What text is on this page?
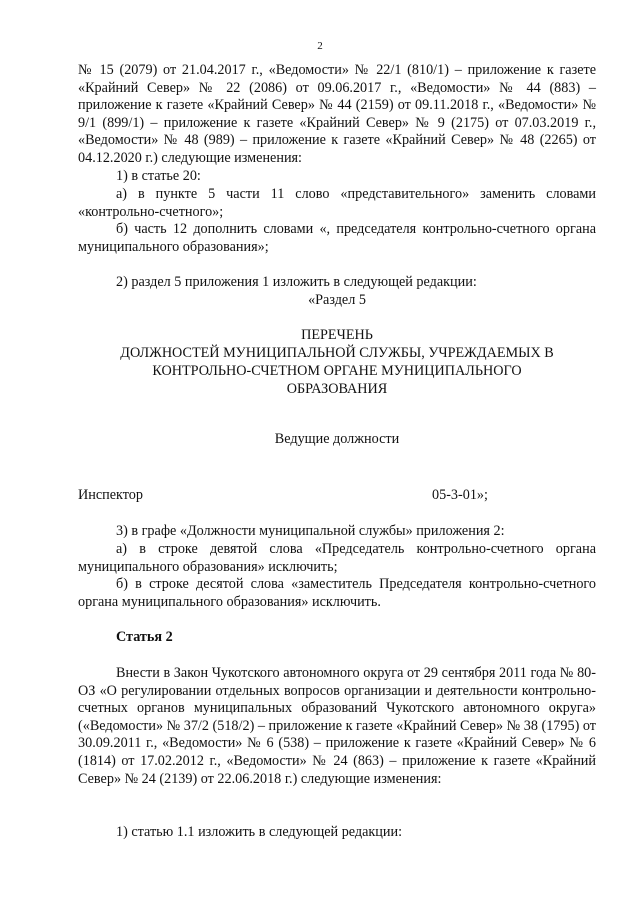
2
№ 15 (2079) от 21.04.2017 г., «Ведомости» № 22/1 (810/1) – приложение к газете «Крайний Север» № 22 (2086) от 09.06.2017 г., «Ведомости» № 44 (883) – приложение к газете «Крайний Север» № 44 (2159) от 09.11.2018 г., «Ведомости» № 9/1 (899/1) – приложение к газете «Крайний Север» № 9 (2175) от 07.03.2019 г., «Ведомости» № 48 (989) – приложение к газете «Крайний Север» № 48 (2265) от 04.12.2020 г.) следующие изменения:
1) в статье 20:
а) в пункте 5 части 11 слово «представительного» заменить словами «контрольно-счетного»;
б) часть 12 дополнить словами «, председателя контрольно-счетного органа муниципального образования»;
2) раздел 5 приложения 1 изложить в следующей редакции:
«Раздел 5
ПЕРЕЧЕНЬ
ДОЛЖНОСТЕЙ МУНИЦИПАЛЬНОЙ СЛУЖБЫ, УЧРЕЖДАЕМЫХ В
КОНТРОЛЬНО-СЧЕТНОМ ОРГАНЕ МУНИЦИПАЛЬНОГО
ОБРАЗОВАНИЯ
Ведущие должности
Инспектор	05-3-01»;
3) в графе «Должности муниципальной службы» приложения 2:
а) в строке девятой слова «Председатель контрольно-счетного органа муниципального образования» исключить;
б) в строке десятой слова «заместитель Председателя контрольно-счетного органа муниципального образования» исключить.
Статья 2
Внести в Закон Чукотского автономного округа от 29 сентября 2011 года № 80-ОЗ «О регулировании отдельных вопросов организации и деятельности контрольно-счетных органов муниципальных образований Чукотского автономного округа» («Ведомости» № 37/2 (518/2) – приложение к газете «Крайний Север» № 38 (1795) от 30.09.2011 г., «Ведомости» № 6 (538) – приложение к газете «Крайний Север» № 6 (1814) от 17.02.2012 г., «Ведомости» № 24 (863) – приложение к газете «Крайний Север» № 24 (2139) от 22.06.2018 г.) следующие изменения:
1) статью 1.1 изложить в следующей редакции:
